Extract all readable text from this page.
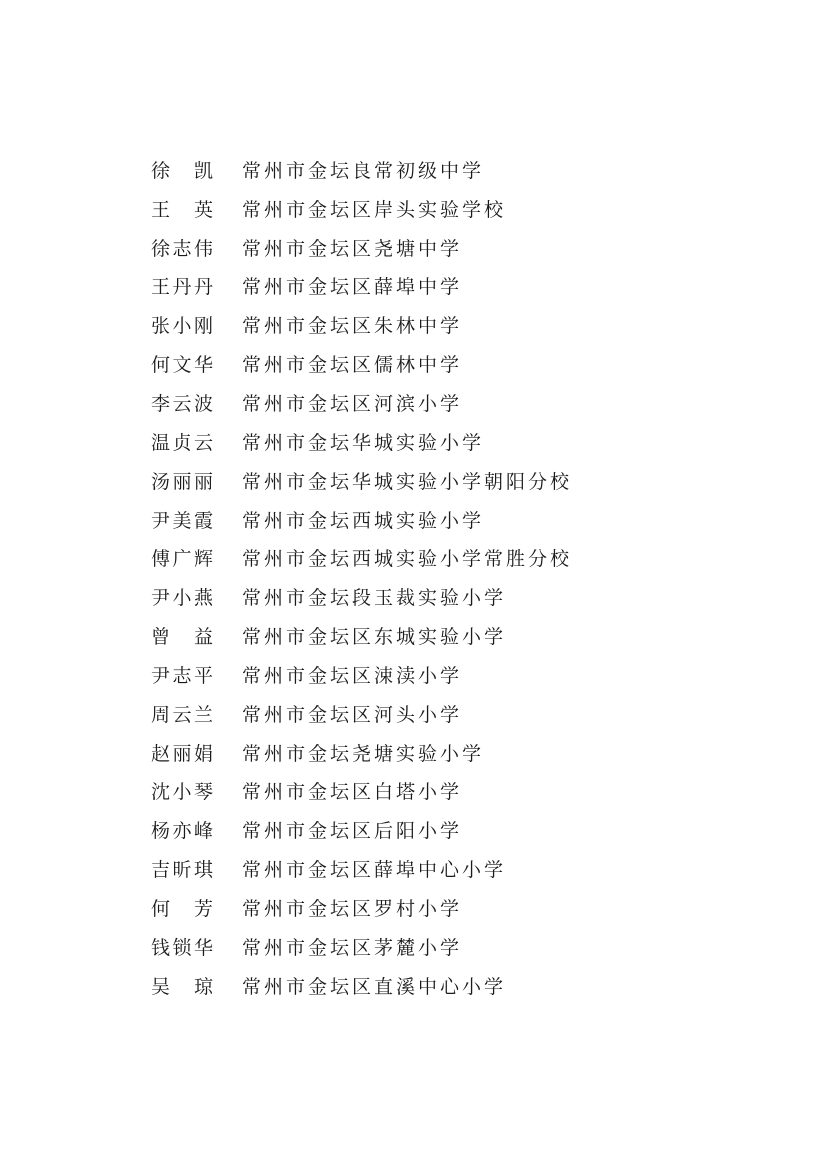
徐　凯	常州市金坛良常初级中学
王　英	常州市金坛区岸头实验学校
徐志伟	常州市金坛区尧塘中学
王丹丹	常州市金坛区薛埠中学
张小刚	常州市金坛区朱林中学
何文华	常州市金坛区儒林中学
李云波	常州市金坛区河滨小学
温贞云	常州市金坛华城实验小学
汤丽丽	常州市金坛华城实验小学朝阳分校
尹美霞	常州市金坛西城实验小学
傅广辉	常州市金坛西城实验小学常胜分校
尹小燕	常州市金坛段玉裁实验小学
曾　益	常州市金坛区东城实验小学
尹志平	常州市金坛区涑渎小学
周云兰	常州市金坛区河头小学
赵丽娟	常州市金坛尧塘实验小学
沈小琴	常州市金坛区白塔小学
杨亦峰	常州市金坛区后阳小学
吉昕琪	常州市金坛区薛埠中心小学
何　芳	常州市金坛区罗村小学
钱锁华	常州市金坛区茅麓小学
吴　琼	常州市金坛区直溪中心小学
